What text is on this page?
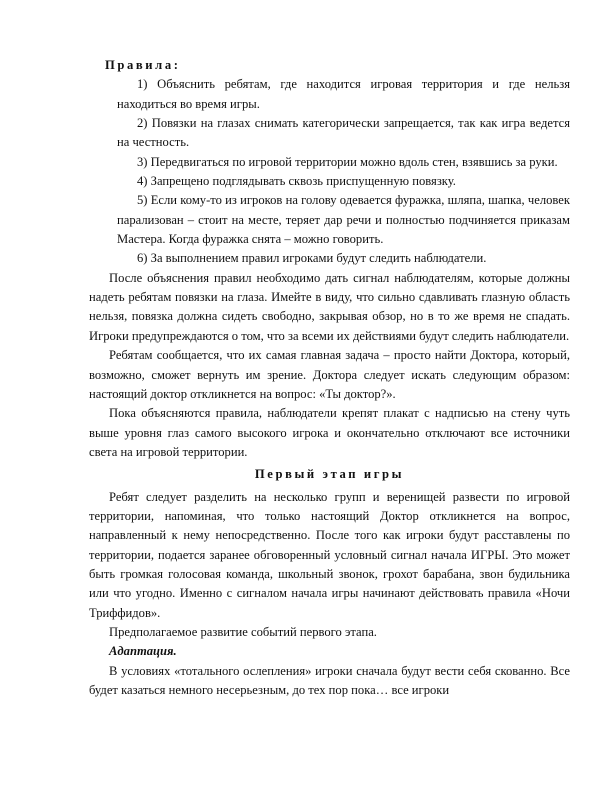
Правила:

1) Объяснить ребятам, где находится игровая территория и где нельзя находиться во время игры.

2) Повязки на глазах снимать категорически запрещается, так как игра ведется на честность.

3) Передвигаться по игровой территории можно вдоль стен, взявшись за руки.

4) Запрещено подглядывать сквозь приспущенную повязку.

5) Если кому-то из игроков на голову одевается фуражка, шляпа, шапка, человек парализован – стоит на месте, теряет дар речи и полностью подчиняется приказам Мастера. Когда фуражка снята – можно говорить.

6) За выполнением правил игроками будут следить наблюдатели.

После объяснения правил необходимо дать сигнал наблюдателям, которые должны надеть ребятам повязки на глаза. Имейте в виду, что сильно сдавливать глазную область нельзя, повязка должна сидеть свободно, закрывая обзор, но в то же время не спадать. Игроки предупреждаются о том, что за всеми их действиями будут следить наблюдатели.

Ребятам сообщается, что их самая главная задача – просто найти Доктора, который, возможно, сможет вернуть им зрение. Доктора следует искать следующим образом: настоящий доктор откликнется на вопрос: «Ты доктор?».

Пока объясняются правила, наблюдатели крепят плакат с надписью на стену чуть выше уровня глаз самого высокого игрока и окончательно отключают все источники света на игровой территории.

Первый этап игры

Ребят следует разделить на несколько групп и веренищей развести по игровой территории, напоминая, что только настоящий Доктор откликнется на вопрос, направленный к нему непосредственно. После того как игроки будут расставлены по территории, подается заранее обговоренный условный сигнал начала ИГРЫ. Это может быть громкая голосовая команда, школьный звонок, грохот барабана, звон будильника или что угодно. Именно с сигналом начала игры начинают действовать правила «Ночи Триффидов».

Предполагаемое развитие событий первого этапа.

Адаптация.

В условиях «тотального ослепления» игроки сначала будут вести себя скованно. Все будет казаться немного несерьезным, до тех пор пока… все игроки
